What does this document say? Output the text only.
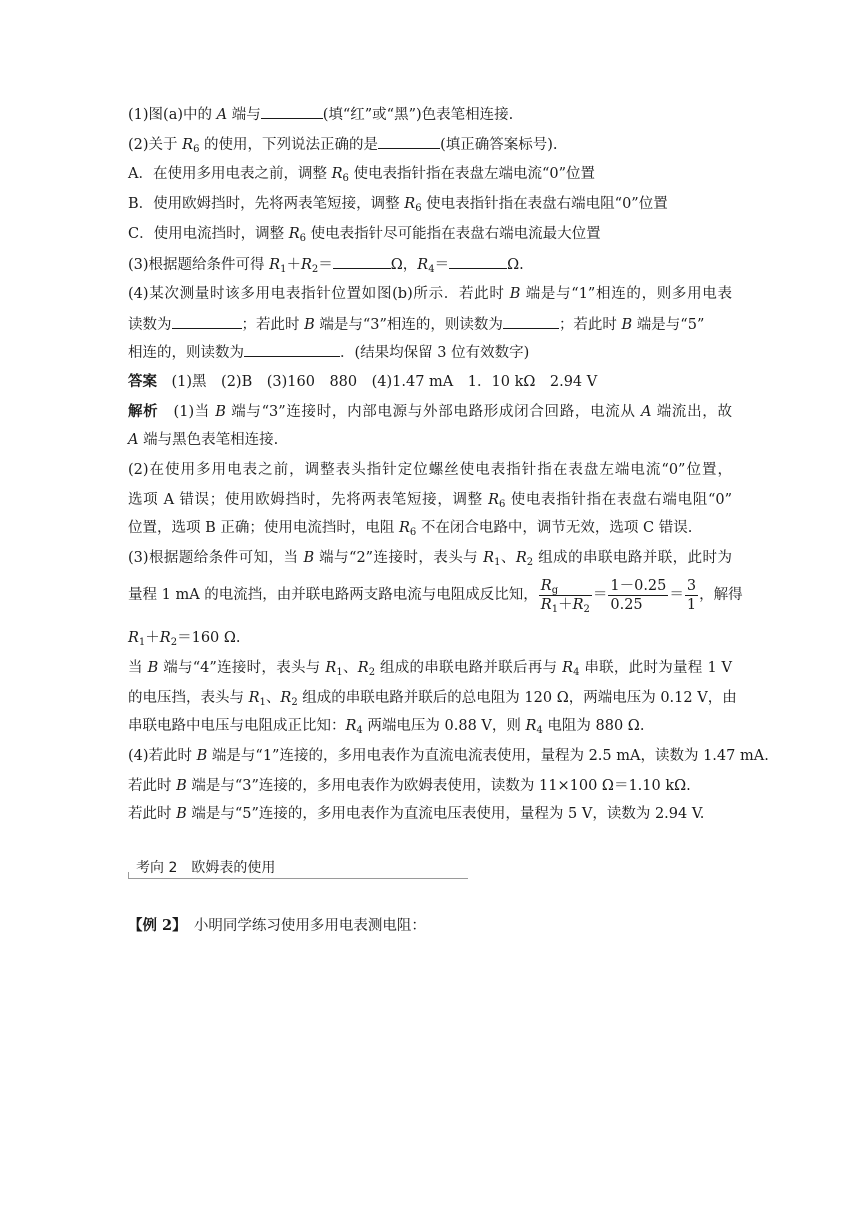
(1)图(a)中的 A 端与	(填“红”或“黑”)色表笔相连接.
(2)关于 $R_6$ 的使用，下列说法正确的是	(填正确答案标号).
A．在使用多用电表之前，调整 $R_6$ 使电表指针指在表盘左端电流“0”位置
B．使用欧姆挡时，先将两表笔短接，调整 $R_6$ 使电表指针指在表盘右端电阻“0”位置
C．使用电流挡时，调整 $R_6$ 使电表指针尽可能指在表盘右端电流最大位置
(3)根据题给条件可得 $R_1+R_2=$	Ω，$R_4=$	Ω.
(4)某次测量时该多用电表指针位置如图(b)所示．若此时 B 端是与“1”相连的，则多用电表
读数为	；若此时 B 端是与“3”相连的，则读数为	；若此时 B 端是与“5”
相连的，则读数为	．(结果均保留 3 位有效数字)
答案　(1)黑　(2)B　(3)160　880　(4)1.47 mA　1．10 kΩ　2.94 V
解析　(1)当 B 端与“3”连接时，内部电源与外部电路形成闭合回路，电流从 A 端流出，故
A 端与黑色表笔相连接.
(2)在使用多用电表之前，调整表头指针定位螺丝使电表指针指在表盘左端电流“0”位置，
选项 A 错误；使用欧姆挡时，先将两表笔短接，调整 $R_6$ 使电表指针指在表盘右端电阻“0”
位置，选项 B 正确；使用电流挡时，电阻 $R_6$ 不在闭合电路中，调节无效，选项 C 错误.
(3)根据题给条件可知，当 B 端与“2”连接时，表头与 $R_1$、$R_2$ 组成的串联电路并联，此时为
量程 1 mA 的电流挡，由并联电路两支路电流与电阻成反比知， $\frac{R_g}{R_1+R_2} = \frac{1-0.25}{0.25} = \frac{3}{1}$ ，解得
$R_1+R_2=160$ Ω.
当 B 端与“4”连接时，表头与 $R_1$、$R_2$ 组成的串联电路并联后再与 $R_4$ 串联，此时为量程 1 V
的电压挡，表头与 $R_1$、$R_2$ 组成的串联电路并联后的总电阻为 120 Ω，两端电压为 0.12 V，由
串联电路中电压与电阻成正比知：$R_4$ 两端电压为 0.88 V，则 $R_4$ 电阻为 880 Ω.
(4)若此时 B 端是与“1”连接的，多用电表作为直流电流表使用，量程为 2.5 mA，读数为 1.47 mA.
若此时 B 端是与“3”连接的，多用电表作为欧姆表使用，读数为 11×100 Ω＝1.10 kΩ.
若此时 B 端是与“5”连接的，多用电表作为直流电压表使用，量程为 5 V，读数为 2.94 V.
考向 2　欧姆表的使用
【例 2】　小明同学练习使用多用电表测电阻：
